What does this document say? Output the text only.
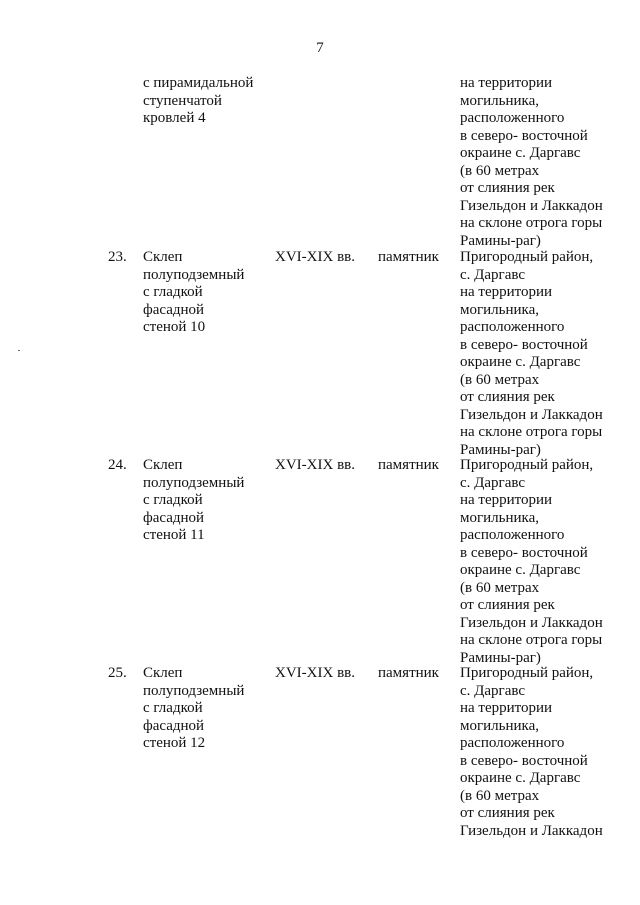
7
с пирамидальной
ступенчатой
кровлей 4
на территории
могильника,
расположенного
в северо- восточной
окраине с. Даргавс
(в 60 метрах
от слияния рек
Гизельдон и Лаккадон
на склоне отрога горы
Рамины-раг)
23. Склеп
полуподземный
с гладкой
фасадной
стеной 10
XVI-XIX вв. памятник Пригородный район,
с. Даргавс
на территории
могильника,
расположенного
в северо- восточной
окраине с. Даргавс
(в 60 метрах
от слияния рек
Гизельдон и Лаккадон
на склоне отрога горы
Рамины-раг)
24. Склеп
полуподземный
с гладкой
фасадной
стеной 11
XVI-XIX вв. памятник Пригородный район,
с. Даргавс
на территории
могильника,
расположенного
в северо- восточной
окраине с. Даргавс
(в 60 метрах
от слияния рек
Гизельдон и Лаккадон
на склоне отрога горы
Рамины-раг)
25. Склеп
полуподземный
с гладкой
фасадной
стеной 12
XVI-XIX вв. памятник Пригородный район,
с. Даргавс
на территории
могильника,
расположенного
в северо- восточной
окраине с. Даргавс
(в 60 метрах
от слияния рек
Гизельдон и Лаккадон
